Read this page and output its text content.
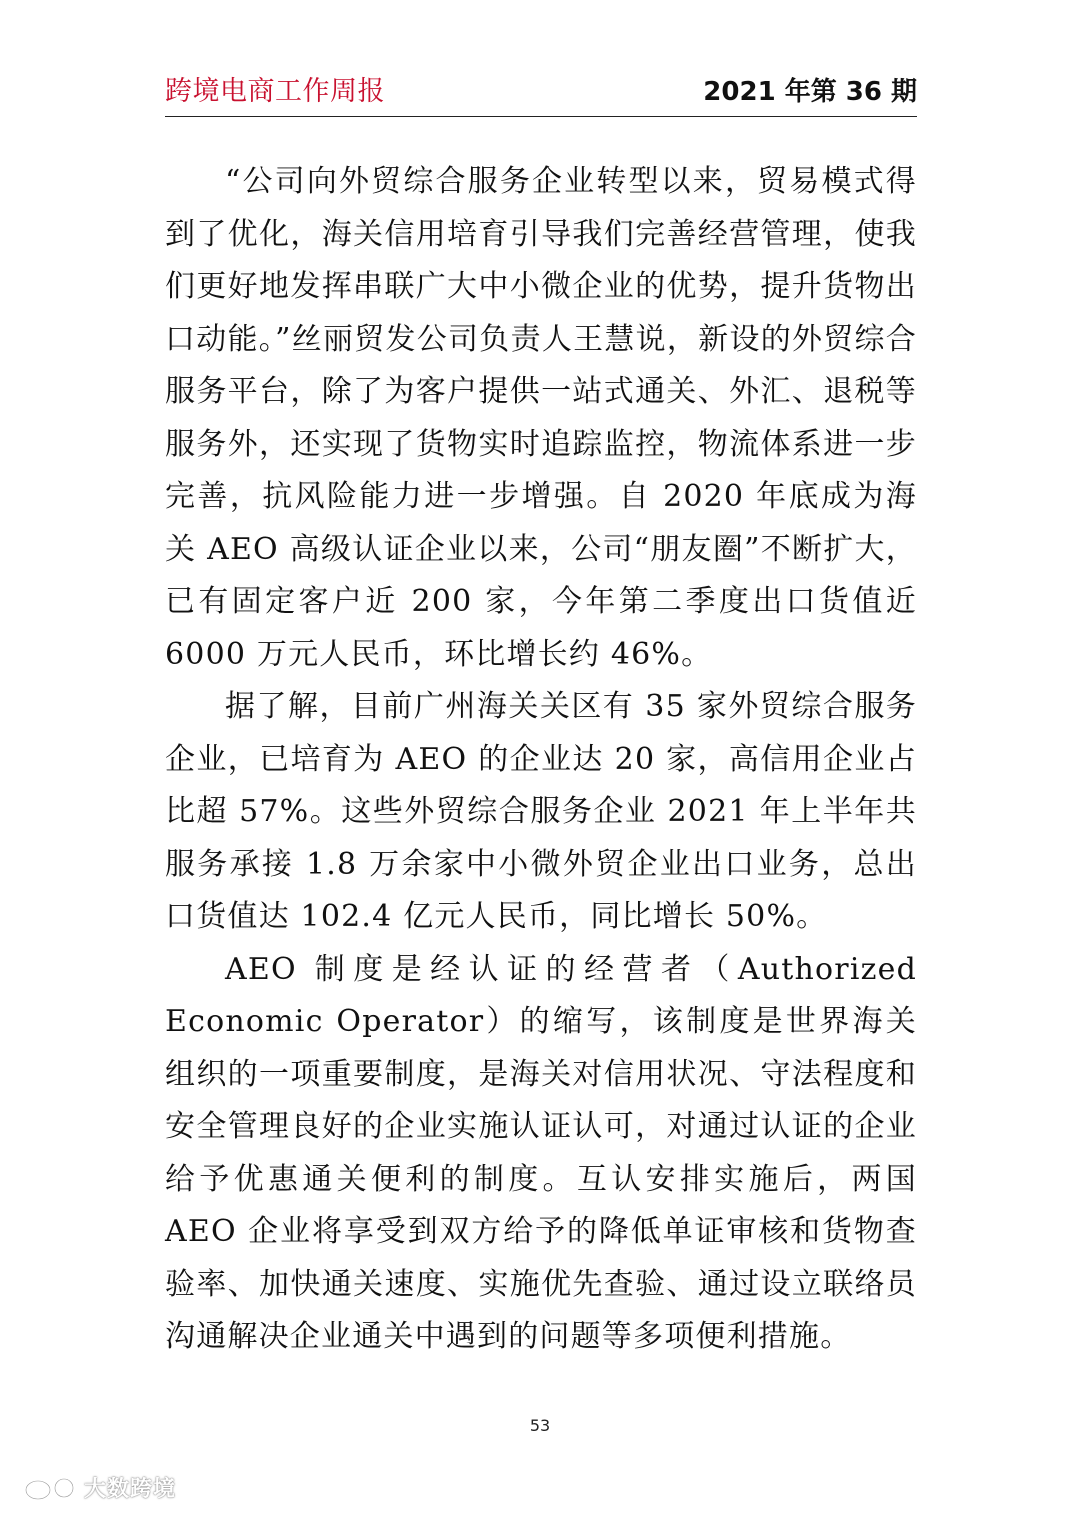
跨境电商工作周报	2021 年第 36 期

“公司向外贸综合服务企业转型以来，贸易模式得到了优化，海关信用培育引导我们完善经营管理，使我们更好地发挥串联广大中小微企业的优势，提升货物出口动能。”丝丽贸发公司负责人王慧说，新设的外贸综合服务平台，除了为客户提供一站式通关、外汇、退税等服务外，还实现了货物实时追踪监控，物流体系进一步完善，抗风险能力进一步增强。自 2020 年底成为海关 AEO 高级认证企业以来，公司“朋友圈”不断扩大，已有固定客户近 200 家，今年第二季度出口货值近 6000 万元人民币，环比增长约 46%。

据了解，目前广州海关关区有 35 家外贸综合服务企业，已培育为 AEO 的企业达 20 家，高信用企业占比超 57%。这些外贸综合服务企业 2021 年上半年共服务承接 1.8 万余家中小微外贸企业出口业务，总出口货值达 102.4 亿元人民币，同比增长 50%。

AEO 制度是经认证的经营者（Authorized Economic Operator）的缩写，该制度是世界海关组织的一项重要制度，是海关对信用状况、守法程度和安全管理良好的企业实施认证认可，对通过认证的企业给予优惠通关便利的制度。互认安排实施后，两国 AEO 企业将享受到双方给予的降低单证审核和货物查验率、加快通关速度、实施优先查验、通过设立联络员沟通解决企业通关中遇到的问题等多项便利措施。

53
大数跨境
